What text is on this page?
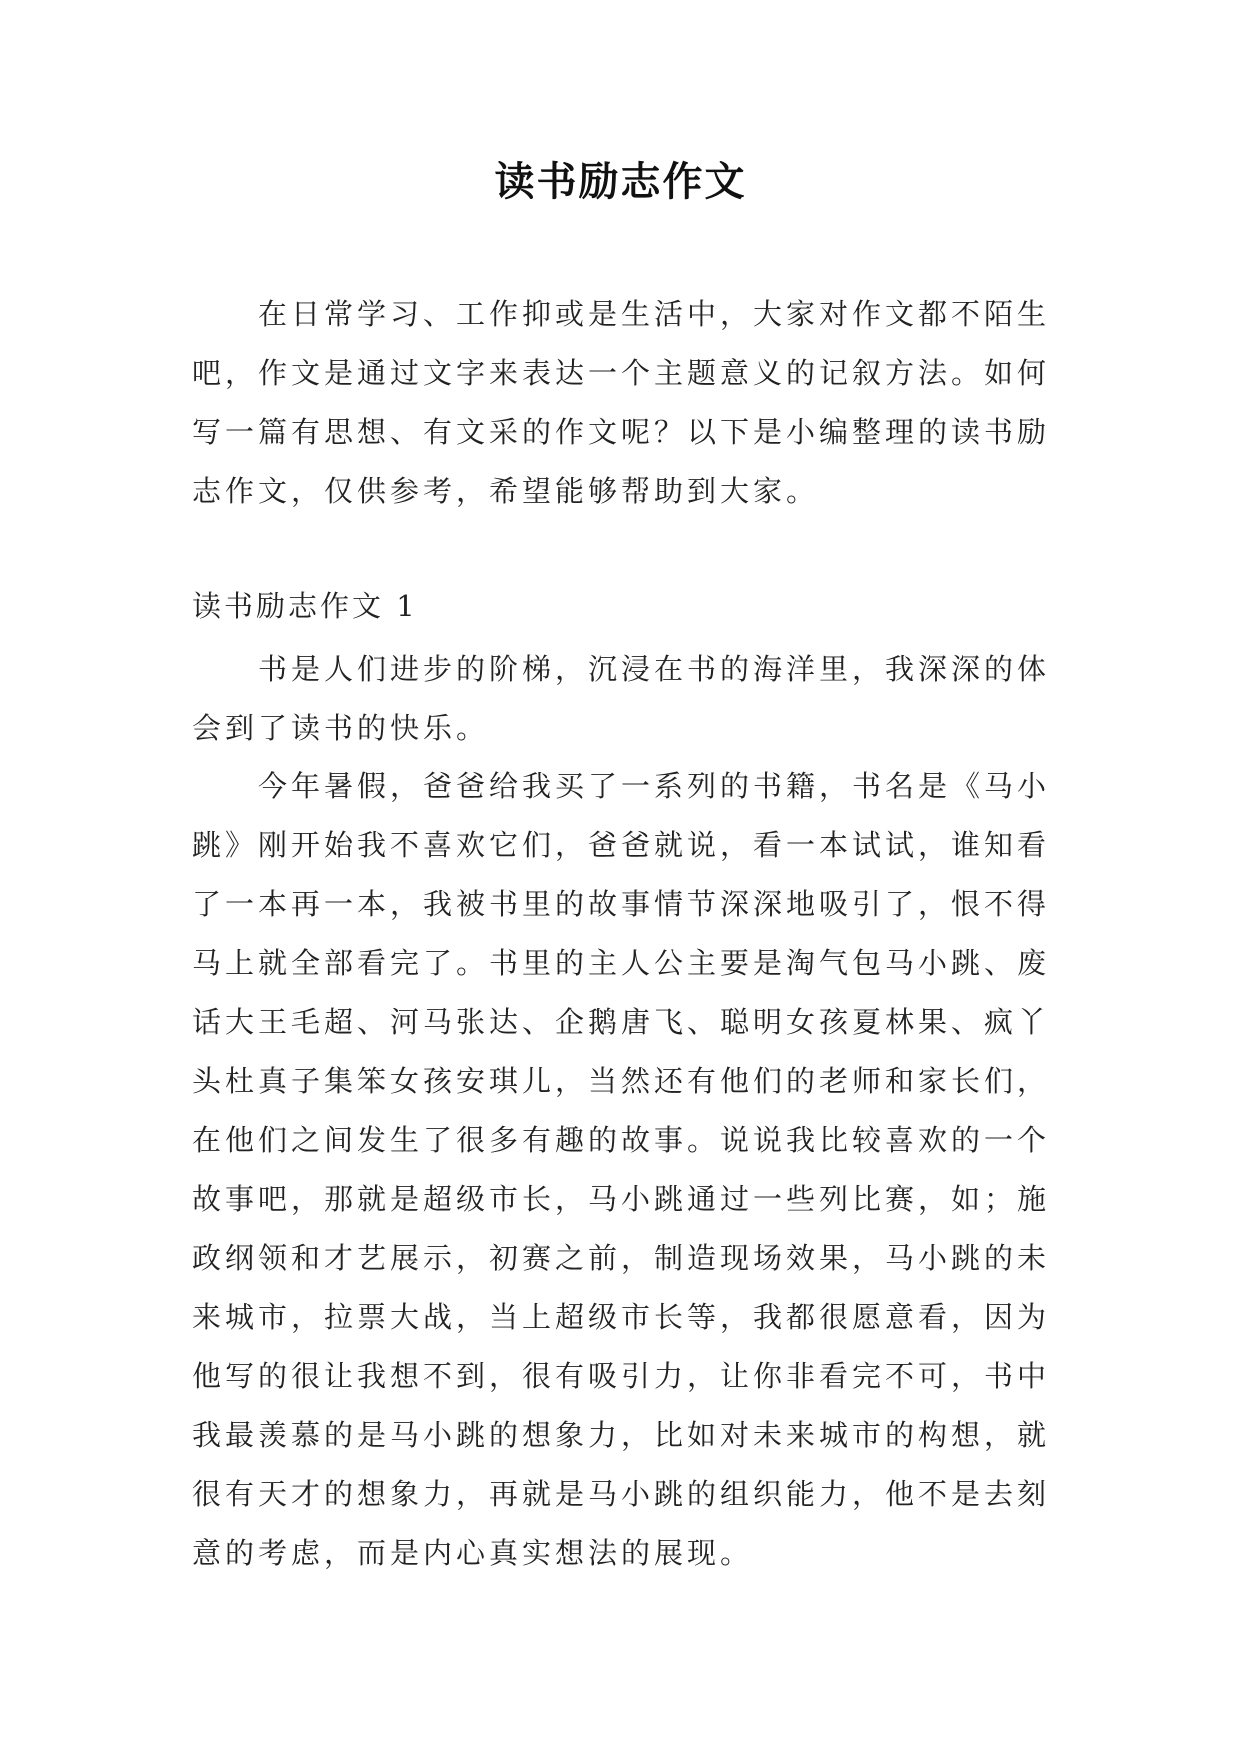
读书励志作文

在日常学习、工作抑或是生活中，大家对作文都不陌生吧，作文是通过文字来表达一个主题意义的记叙方法。如何写一篇有思想、有文采的作文呢？以下是小编整理的读书励志作文，仅供参考，希望能够帮助到大家。

读书励志作文 1

书是人们进步的阶梯，沉浸在书的海洋里，我深深的体会到了读书的快乐。

今年暑假，爸爸给我买了一系列的书籍，书名是《马小跳》刚开始我不喜欢它们，爸爸就说，看一本试试，谁知看了一本再一本，我被书里的故事情节深深地吸引了，恨不得马上就全部看完了。书里的主人公主要是淘气包马小跳、废话大王毛超、河马张达、企鹅唐飞、聪明女孩夏林果、疯丫头杜真子集笨女孩安琪儿，当然还有他们的老师和家长们，在他们之间发生了很多有趣的故事。说说我比较喜欢的一个故事吧，那就是超级市长，马小跳通过一些列比赛，如；施政纲领和才艺展示，初赛之前，制造现场效果，马小跳的未来城市，拉票大战，当上超级市长等，我都很愿意看，因为他写的很让我想不到，很有吸引力，让你非看完不可，书中我最羡慕的是马小跳的想象力，比如对未来城市的构想，就很有天才的想象力，再就是马小跳的组织能力，他不是去刻意的考虑，而是内心真实想法的展现。
